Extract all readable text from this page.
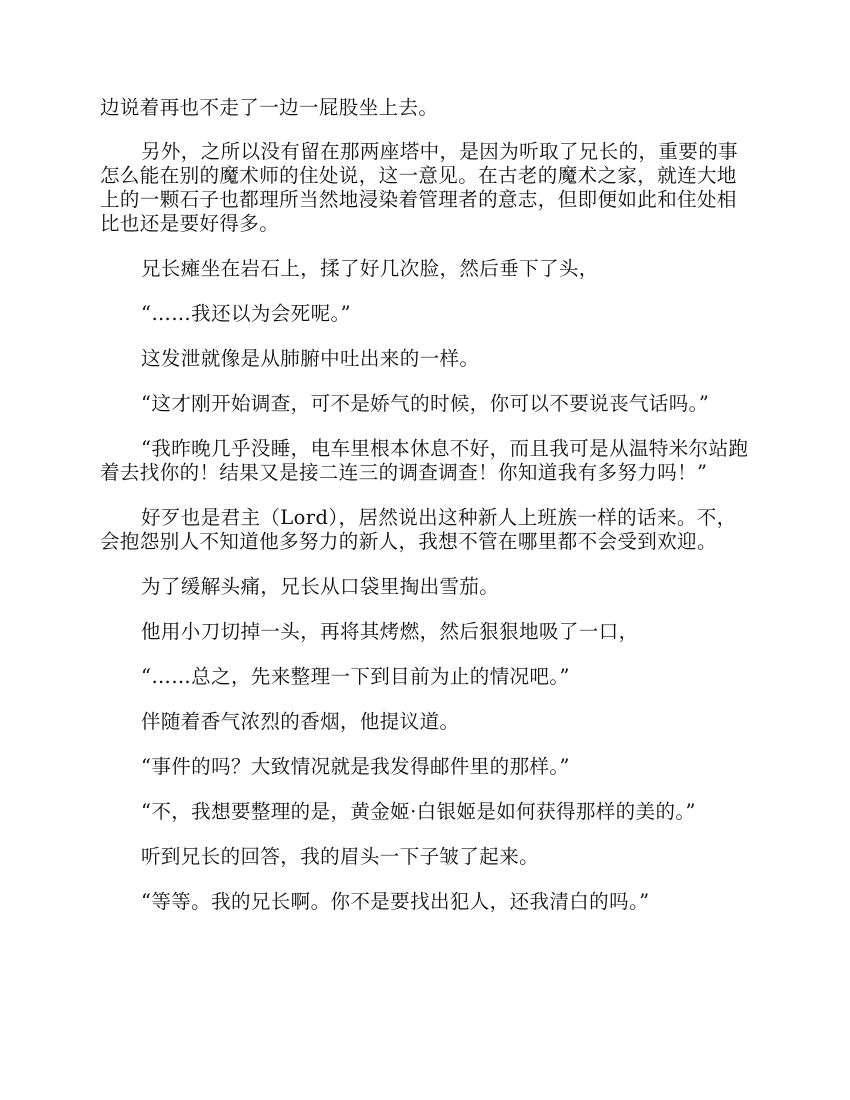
边说着再也不走了一边一屁股坐上去。

另外，之所以没有留在那两座塔中，是因为听取了兄长的，重要的事怎么能在别的魔术师的住处说，这一意见。在古老的魔术之家，就连大地上的一颗石子也都理所当然地浸染着管理者的意志，但即便如此和住处相比也还是要好得多。

兄长瘫坐在岩石上，揉了好几次脸，然后垂下了头，

“……我还以为会死呢。”

这发泄就像是从肺腑中吐出来的一样。

“这才刚开始调查，可不是娇气的时候，你可以不要说丧气话吗。”

“我昨晚几乎没睡，电车里根本休息不好，而且我可是从温特米尔站跑着去找你的！结果又是接二连三的调查调查！你知道我有多努力吗！”

好歹也是君主（Lord），居然说出这种新人上班族一样的话来。不，会抱怨别人不知道他多努力的新人，我想不管在哪里都不会受到欢迎。

为了缓解头痛，兄长从口袋里掏出雪茄。

他用小刀切掉一头，再将其烤燃，然后狠狠地吸了一口，

“……总之，先来整理一下到目前为止的情况吧。”

伴随着香气浓烈的香烟，他提议道。

“事件的吗？大致情况就是我发得邮件里的那样。”

“不，我想要整理的是，黄金姬·白银姬是如何获得那样的美的。”

听到兄长的回答，我的眉头一下子皱了起来。

“等等。我的兄长啊。你不是要找出犯人，还我清白的吗。”
